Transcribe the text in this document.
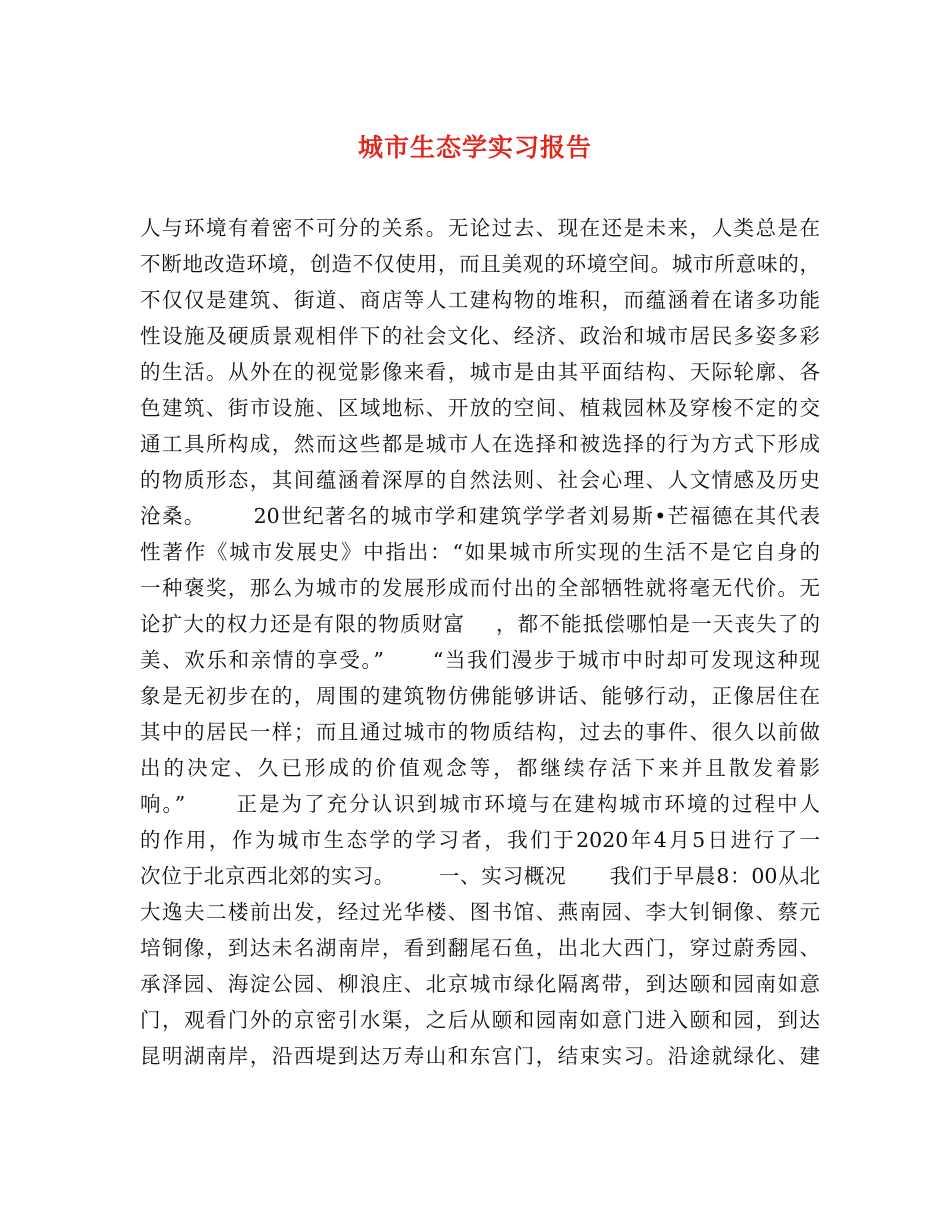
城市生态学实习报告
人与环境有着密不可分的关系。无论过去、现在还是未来，人类总是在
不断地改造环境，创造不仅使用，而且美观的环境空间。城市所意味的，
不仅仅是建筑、街道、商店等人工建构物的堆积，而蕴涵着在诸多功能
性设施及硬质景观相伴下的社会文化、经济、政治和城市居民多姿多彩
的生活。从外在的视觉影像来看，城市是由其平面结构、天际轮廓、各
色建筑、街市设施、区域地标、开放的空间、植栽园林及穿梭不定的交
通工具所构成，然而这些都是城市人在选择和被选择的行为方式下形成
的物质形态，其间蕴涵着深厚的自然法则、社会心理、人文情感及历史
沧桑。      20世纪著名的城市学和建筑学学者刘易斯•芒福德在其代表
性著作《城市发展史》中指出：“如果城市所实现的生活不是它自身的
一种褒奖，那么为城市的发展形成而付出的全部牺牲就将毫无代价。无
论扩大的权力还是有限的物质财富    ，都不能抵偿哪怕是一天丧失了的
美、欢乐和亲情的享受。”      “当我们漫步于城市中时却可发现这种现
象是无初步在的，周围的建筑物仿佛能够讲话、能够行动，正像居住在
其中的居民一样；而且通过城市的物质结构，过去的事件、很久以前做
出的决定、久已形成的价值观念等，都继续存活下来并且散发着影
响。”      正是为了充分认识到城市环境与在建构城市环境的过程中人
的作用，作为城市生态学的学习者，我们于2020年4月5日进行了一
次位于北京西北郊的实习。      一、实习概况      我们于早晨8：00从北
大逸夫二楼前出发，经过光华楼、图书馆、燕南园、李大钊铜像、蔡元
培铜像，到达未名湖南岸，看到翻尾石鱼，出北大西门，穿过蔚秀园、
承泽园、海淀公园、柳浪庄、北京城市绿化隔离带，到达颐和园南如意
门，观看门外的京密引水渠，之后从颐和园南如意门进入颐和园，到达
昆明湖南岸，沿西堤到达万寿山和东宫门，结束实习。沿途就绿化、建
